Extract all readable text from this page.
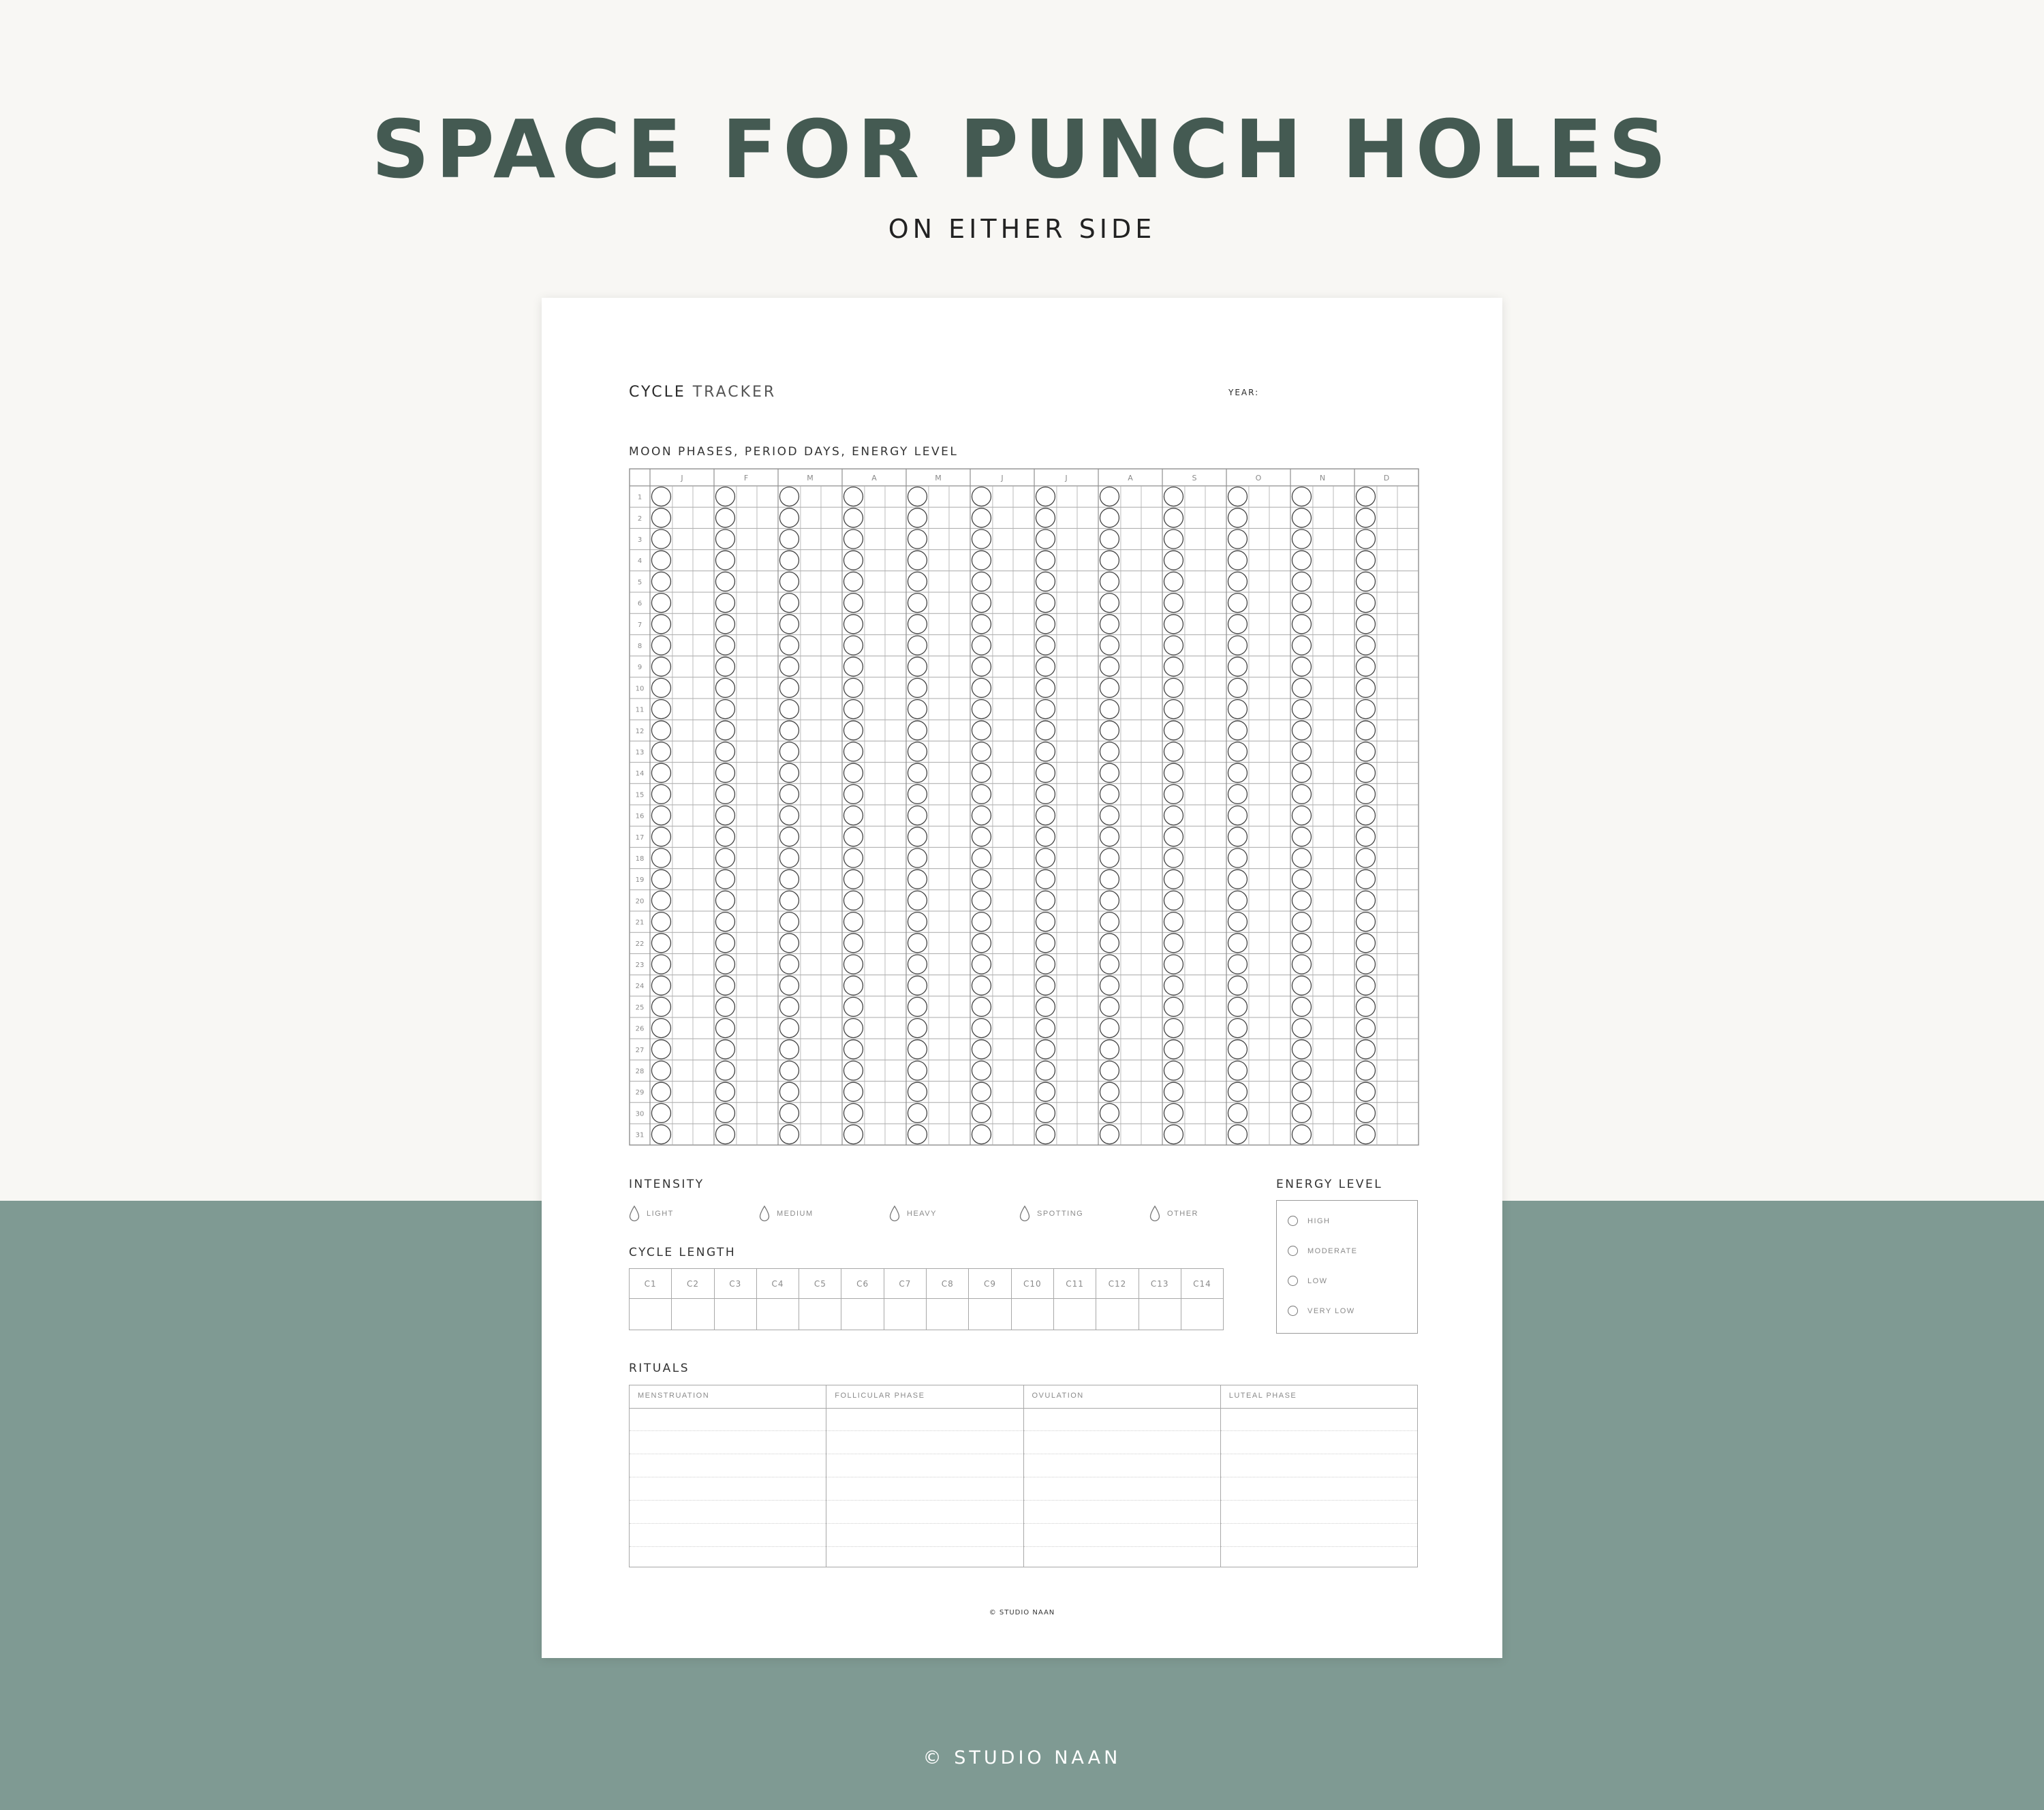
SPACE FOR PUNCH HOLES
ON EITHER SIDE
CYCLE TRACKER	YEAR:
MOON PHASES, PERIOD DAYS, ENERGY LEVEL
J	F	M	A	M	J	J	A	S	O	N	D
1
2
3
4
5
6
7
8
9
10
11
12
13
14
15
16
17
18
19
20
21
22
23
24
25
26
27
28
29
30
31
INTENSITY
LIGHT	MEDIUM	HEAVY	SPOTTING	OTHER
ENERGY LEVEL
HIGH
MODERATE
LOW
VERY LOW
CYCLE LENGTH
C1	C2	C3	C4	C5	C6	C7	C8	C9	C10	C11	C12	C13	C14

RITUALS
MENSTRUATION	FOLLICULAR PHASE	OVULATION	LUTEAL PHASE
© STUDIO NAAN
© STUDIO NAAN
